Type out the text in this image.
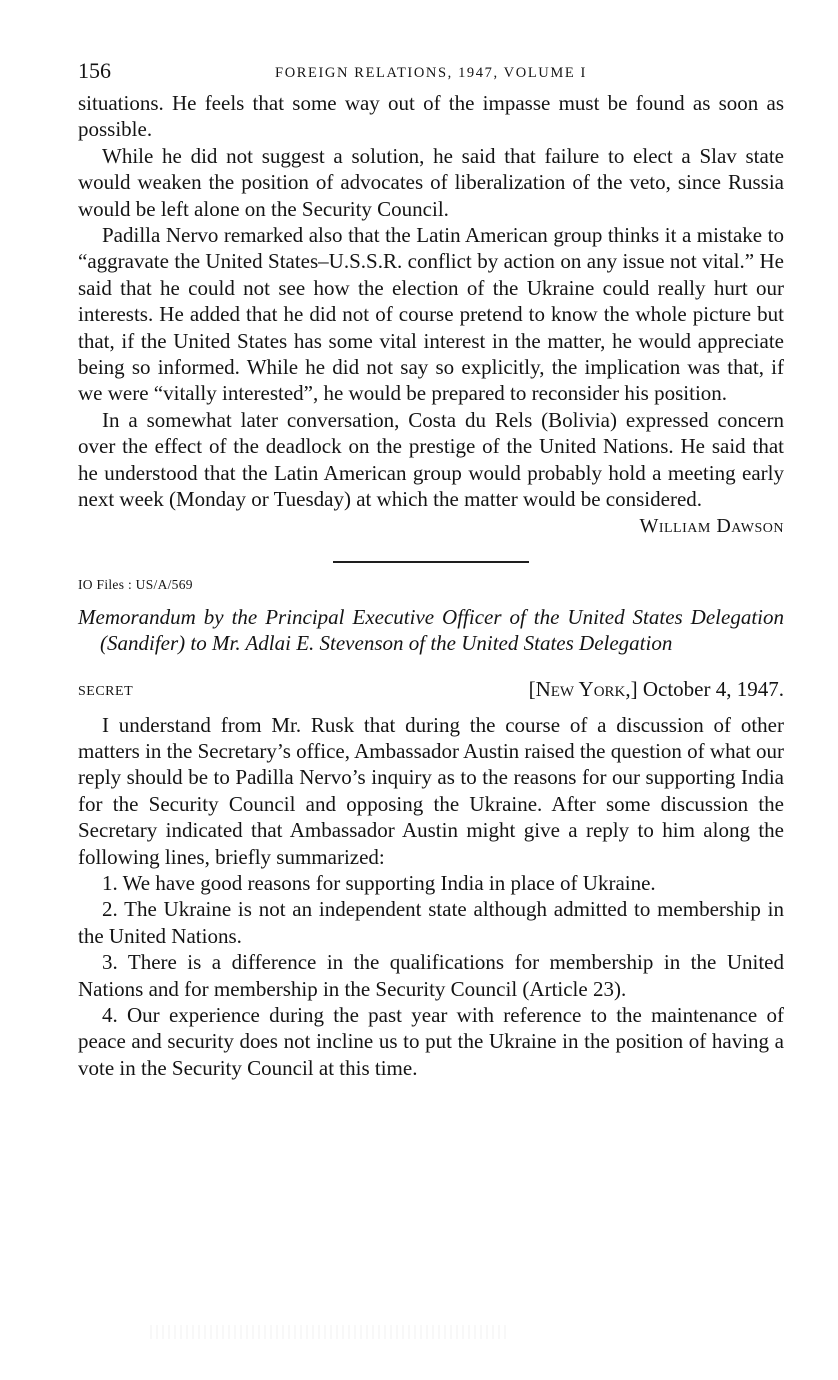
156	FOREIGN RELATIONS, 1947, VOLUME I

situations. He feels that some way out of the impasse must be found as soon as possible.

While he did not suggest a solution, he said that failure to elect a Slav state would weaken the position of advocates of liberalization of the veto, since Russia would be left alone on the Security Council.

Padilla Nervo remarked also that the Latin American group thinks it a mistake to “aggravate the United States–U.S.S.R. conflict by action on any issue not vital.” He said that he could not see how the election of the Ukraine could really hurt our interests. He added that he did not of course pretend to know the whole picture but that, if the United States has some vital interest in the matter, he would appreciate being so informed. While he did not say so explicitly, the implication was that, if we were “vitally interested”, he would be prepared to reconsider his position.

In a somewhat later conversation, Costa du Rels (Bolivia) expressed concern over the effect of the deadlock on the prestige of the United Nations. He said that he understood that the Latin American group would probably hold a meeting early next week (Monday or Tuesday) at which the matter would be considered.

William Dawson
IO Files : US/A/569
Memorandum by the Principal Executive Officer of the United States Delegation (Sandifer) to Mr. Adlai E. Stevenson of the United States Delegation
SECRET	[New York,] October 4, 1947.

I understand from Mr. Rusk that during the course of a discussion of other matters in the Secretary’s office, Ambassador Austin raised the question of what our reply should be to Padilla Nervo’s inquiry as to the reasons for our supporting India for the Security Council and opposing the Ukraine. After some discussion the Secretary indicated that Ambassador Austin might give a reply to him along the following lines, briefly summarized:

1. We have good reasons for supporting India in place of Ukraine.

2. The Ukraine is not an independent state although admitted to membership in the United Nations.

3. There is a difference in the qualifications for membership in the United Nations and for membership in the Security Council (Article 23).

4. Our experience during the past year with reference to the maintenance of peace and security does not incline us to put the Ukraine in the position of having a vote in the Security Council at this time.
